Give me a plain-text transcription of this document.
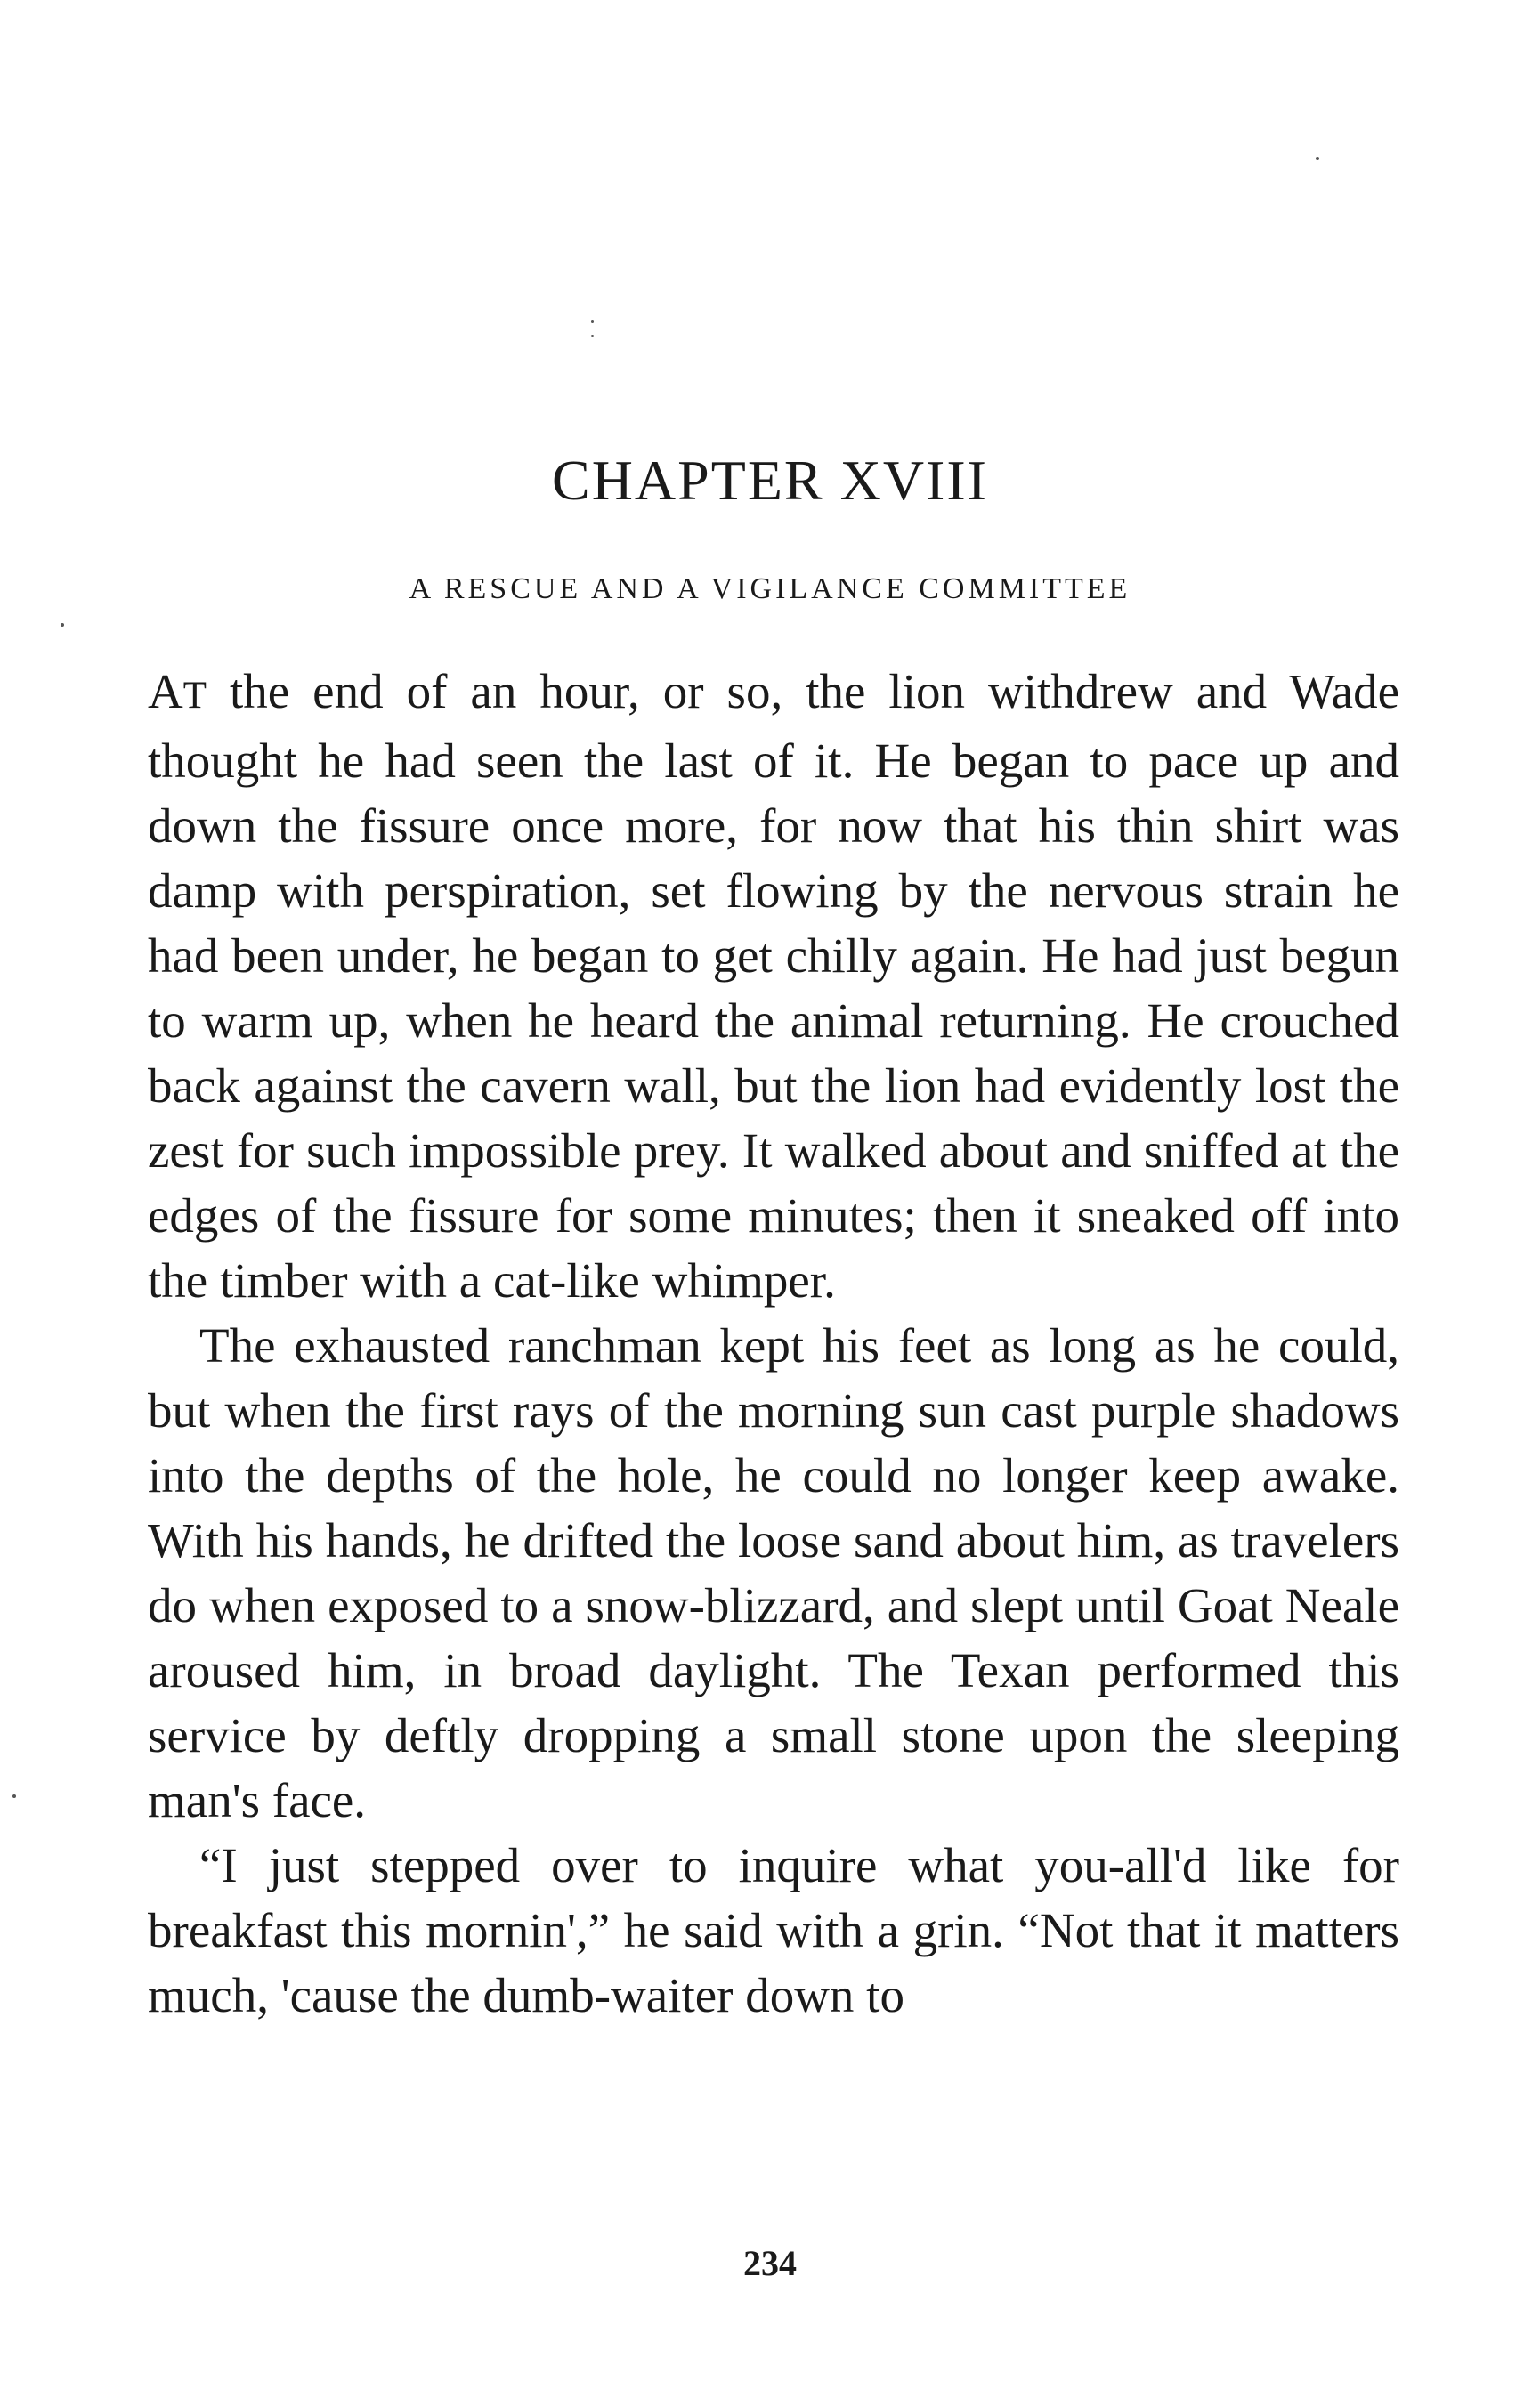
CHAPTER XVIII
A RESCUE AND A VIGILANCE COMMITTEE

AT the end of an hour, or so, the lion withdrew and Wade thought he had seen the last of it. He began to pace up and down the fissure once more, for now that his thin shirt was damp with perspiration, set flowing by the nervous strain he had been under, he began to get chilly again. He had just begun to warm up, when he heard the animal returning. He crouched back against the cavern wall, but the lion had evidently lost the zest for such impossible prey. It walked about and sniffed at the edges of the fissure for some minutes; then it sneaked off into the timber with a cat-like whimper.

The exhausted ranchman kept his feet as long as he could, but when the first rays of the morning sun cast purple shadows into the depths of the hole, he could no longer keep awake. With his hands, he drifted the loose sand about him, as travelers do when exposed to a snow-blizzard, and slept until Goat Neale aroused him, in broad daylight. The Texan performed this service by deftly dropping a small stone upon the sleeping man's face.

“I just stepped over to inquire what you-all'd like for breakfast this mornin',” he said with a grin. “Not that it matters much, 'cause the dumb-waiter down to

234
